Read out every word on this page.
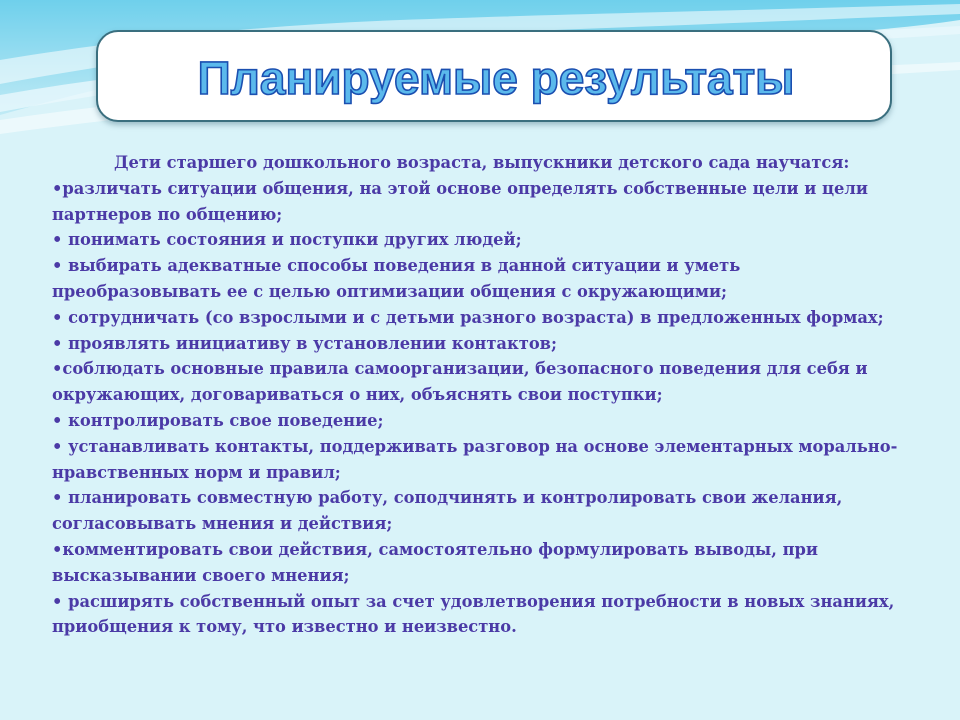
Планируемые результаты
Дети старшего дошкольного возраста, выпускники детского сада научатся:
•различать ситуации общения, на этой основе определять собственные цели и цели партнеров по общению;
• понимать состояния и поступки других людей;
• выбирать адекватные способы поведения в данной ситуации и уметь преобразовывать ее с целью оптимизации общения с окружающими;
• сотрудничать (со взрослыми и с детьми разного возраста) в предложенных формах;
• проявлять инициативу в установлении контактов;
•соблюдать основные правила самоорганизации, безопасного поведения для себя и окружающих, договариваться о них, объяснять свои поступки;
• контролировать свое поведение;
• устанавливать контакты, поддерживать разговор на основе элементарных морально-нравственных норм и правил;
• планировать совместную работу, соподчинять и контролировать свои желания, согласовывать мнения и действия;
•комментировать свои действия, самостоятельно формулировать выводы, при высказывании своего мнения;
• расширять собственный опыт за счет удовлетворения потребности в новых знаниях, приобщения к тому, что известно и неизвестно.
